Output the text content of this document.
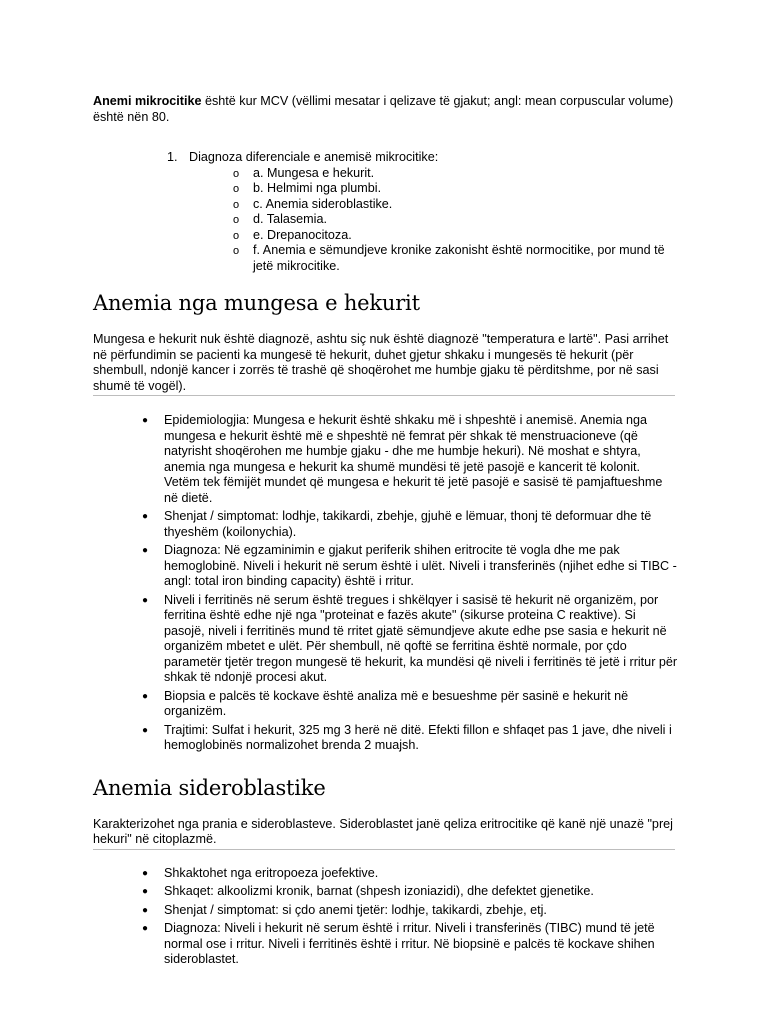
Anemi mikrocitike është kur MCV (vëllimi mesatar i qelizave të gjakut; angl: mean corpuscular volume) është nën 80.

1. Diagnoza diferenciale e anemisë mikrocitike:
o a. Mungesa e hekurit.
o b. Helmimi nga plumbi.
o c. Anemia sideroblastike.
o d. Talasemia.
o e. Drepanocitoza.
o f. Anemia e sëmundjeve kronike zakonisht është normocitike, por mund të jetë mikrocitike.
Anemia nga mungesa e hekurit

Mungesa e hekurit nuk është diagnozë, ashtu siç nuk është diagnozë "temperatura e lartë". Pasi arrihet në përfundimin se pacienti ka mungesë të hekurit, duhet gjetur shkaku i mungesës të hekurit (për shembull, ndonjë kancer i zorrës të trashë që shoqërohet me humbje gjaku të përditshme, por në sasi shumë të vogël).

● Epidemiologjia: Mungesa e hekurit është shkaku më i shpeshtë i anemisë. Anemia nga mungesa e hekurit është më e shpeshtë në femrat për shkak të menstruacioneve (që natyrisht shoqërohen me humbje gjaku - dhe me humbje hekuri). Në moshat e shtyra, anemia nga mungesa e hekurit ka shumë mundësi të jetë pasojë e kancerit të kolonit. Vetëm tek fëmijët mundet që mungesa e hekurit të jetë pasojë e sasisë të pamjaftueshme në dietë.
● Shenjat / simptomat: lodhje, takikardi, zbehje, gjuhë e lëmuar, thonj të deformuar dhe të thyeshëm (koilonychia).
● Diagnoza: Në egzaminimin e gjakut periferik shihen eritrocite të vogla dhe me pak hemoglobinë. Niveli i hekurit në serum është i ulët. Niveli i transferinës (njihet edhe si TIBC - angl: total iron binding capacity) është i rritur.
● Niveli i ferritinës në serum është tregues i shkëlqyer i sasisë të hekurit në organizëm, por ferritina është edhe një nga "proteinat e fazës akute" (sikurse proteina C reaktive). Si pasojë, niveli i ferritinës mund të rritet gjatë sëmundjeve akute edhe pse sasia e hekurit në organizëm mbetet e ulët. Për shembull, në qoftë se ferritina është normale, por çdo parametër tjetër tregon mungesë të hekurit, ka mundësi që niveli i ferritinës të jetë i rritur për shkak të ndonjë procesi akut.
● Biopsia e palcës të kockave është analiza më e besueshme për sasinë e hekurit në organizëm.
● Trajtimi: Sulfat i hekurit, 325 mg 3 herë në ditë. Efekti fillon e shfaqet pas 1 jave, dhe niveli i hemoglobinës normalizohet brenda 2 muajsh.
Anemia sideroblastike

Karakterizohet nga prania e sideroblasteve. Sideroblastet janë qeliza eritrocitike që kanë një unazë "prej hekuri" në citoplazmë.

● Shkaktohet nga eritropoeza joefektive.
● Shkaqet: alkoolizmi kronik, barnat (shpesh izoniazidi), dhe defektet gjenetike.
● Shenjat / simptomat: si çdo anemi tjetër: lodhje, takikardi, zbehje, etj.
● Diagnoza: Niveli i hekurit në serum është i rritur. Niveli i transferinës (TIBC) mund të jetë normal ose i rritur. Niveli i ferritinës është i rritur. Në biopsinë e palcës të kockave shihen sideroblastet.
